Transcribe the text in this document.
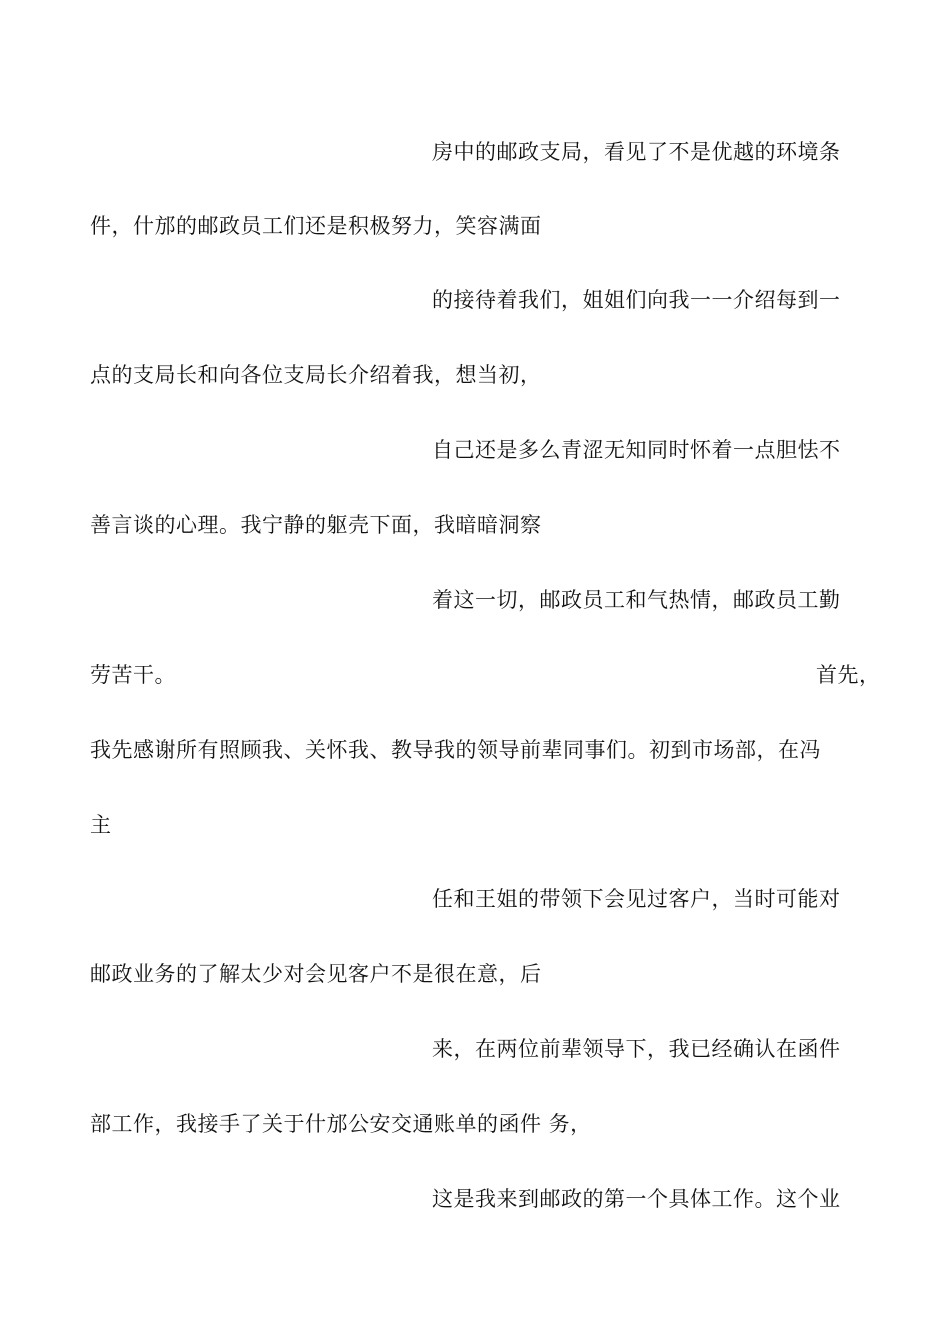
房中的邮政支局，看见了不是优越的环境条
件，什邡的邮政员工们还是积极努力，笑容满面
的接待着我们，姐姐们向我一一介绍每到一
点的支局长和向各位支局长介绍着我，想当初，
自己还是多么青涩无知同时怀着一点胆怯不
善言谈的心理。我宁静的躯壳下面，我暗暗洞察
着这一切，邮政员工和气热情，邮政员工勤
劳苦干。	首先，
我先感谢所有照顾我、关怀我、教导我的领导前辈同事们。初到市场部，在冯
主
任和王姐的带领下会见过客户，当时可能对
邮政业务的了解太少对会见客户不是很在意，后
来，在两位前辈领导下，我已经确认在函件
部工作，我接手了关于什邡公安交通账单的函件 务，
这是我来到邮政的第一个具体工作。这个业
